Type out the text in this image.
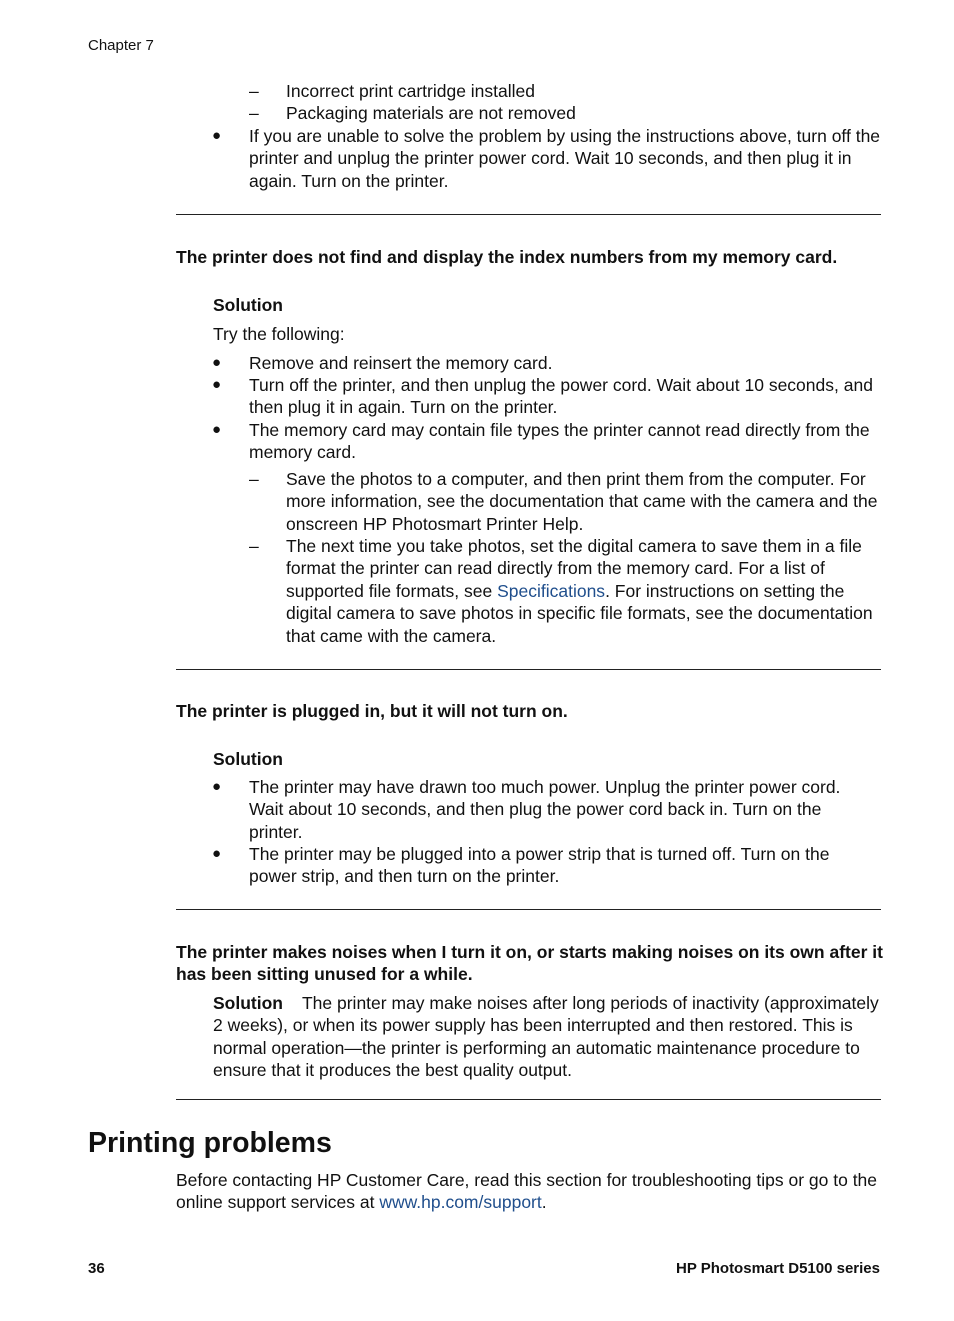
Chapter 7
– Incorrect print cartridge installed
– Packaging materials are not removed
● If you are unable to solve the problem by using the instructions above, turn off the printer and unplug the printer power cord. Wait 10 seconds, and then plug it in again. Turn on the printer.
The printer does not find and display the index numbers from my memory card.
Solution
Try the following:
● Remove and reinsert the memory card.
● Turn off the printer, and then unplug the power cord. Wait about 10 seconds, and then plug it in again. Turn on the printer.
● The memory card may contain file types the printer cannot read directly from the memory card.
– Save the photos to a computer, and then print them from the computer. For more information, see the documentation that came with the camera and the onscreen HP Photosmart Printer Help.
– The next time you take photos, set the digital camera to save them in a file format the printer can read directly from the memory card. For a list of supported file formats, see Specifications. For instructions on setting the digital camera to save photos in specific file formats, see the documentation that came with the camera.
The printer is plugged in, but it will not turn on.
Solution
● The printer may have drawn too much power. Unplug the printer power cord. Wait about 10 seconds, and then plug the power cord back in. Turn on the printer.
● The printer may be plugged into a power strip that is turned off. Turn on the power strip, and then turn on the printer.
The printer makes noises when I turn it on, or starts making noises on its own after it has been sitting unused for a while.
Solution The printer may make noises after long periods of inactivity (approximately 2 weeks), or when its power supply has been interrupted and then restored. This is normal operation—the printer is performing an automatic maintenance procedure to ensure that it produces the best quality output.
Printing problems
Before contacting HP Customer Care, read this section for troubleshooting tips or go to the online support services at www.hp.com/support.
36	HP Photosmart D5100 series
